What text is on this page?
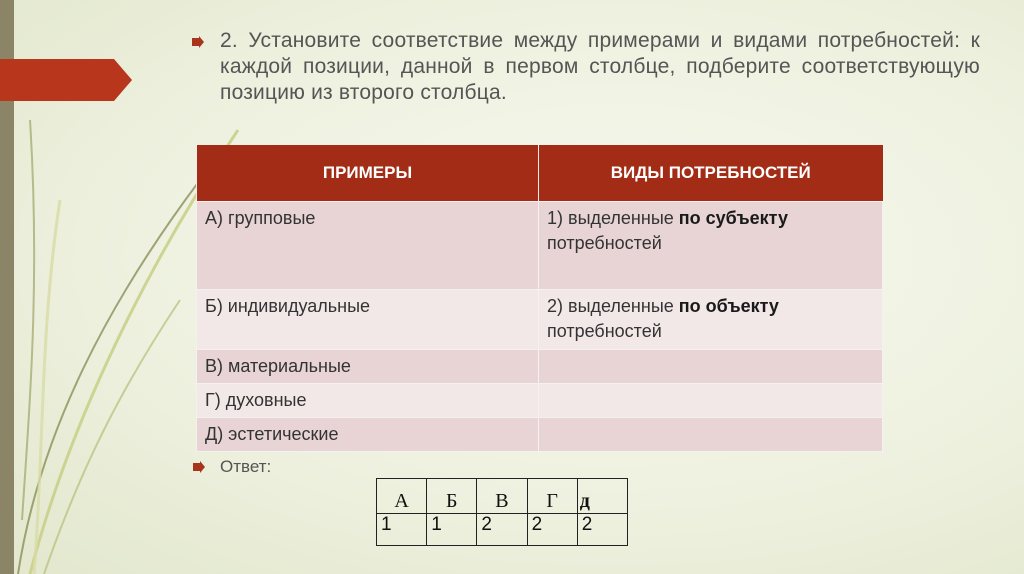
2. Установите соответствие между примерами и видами потребностей: к каждой позиции, данной в первом столбце, подберите соответствующую позицию из второго столбца.

ПРИМЕРЫ	ВИДЫ ПОТРЕБНОСТЕЙ
А) групповые	1) выделенные по субъекту
потребностей
Б) индивидуальные	2) выделенные по объекту
потребностей
В) материальные	
Г) духовные	
Д) эстетические	
Ответ:
А	Б	В	Г	д
1	1	2	2	2
